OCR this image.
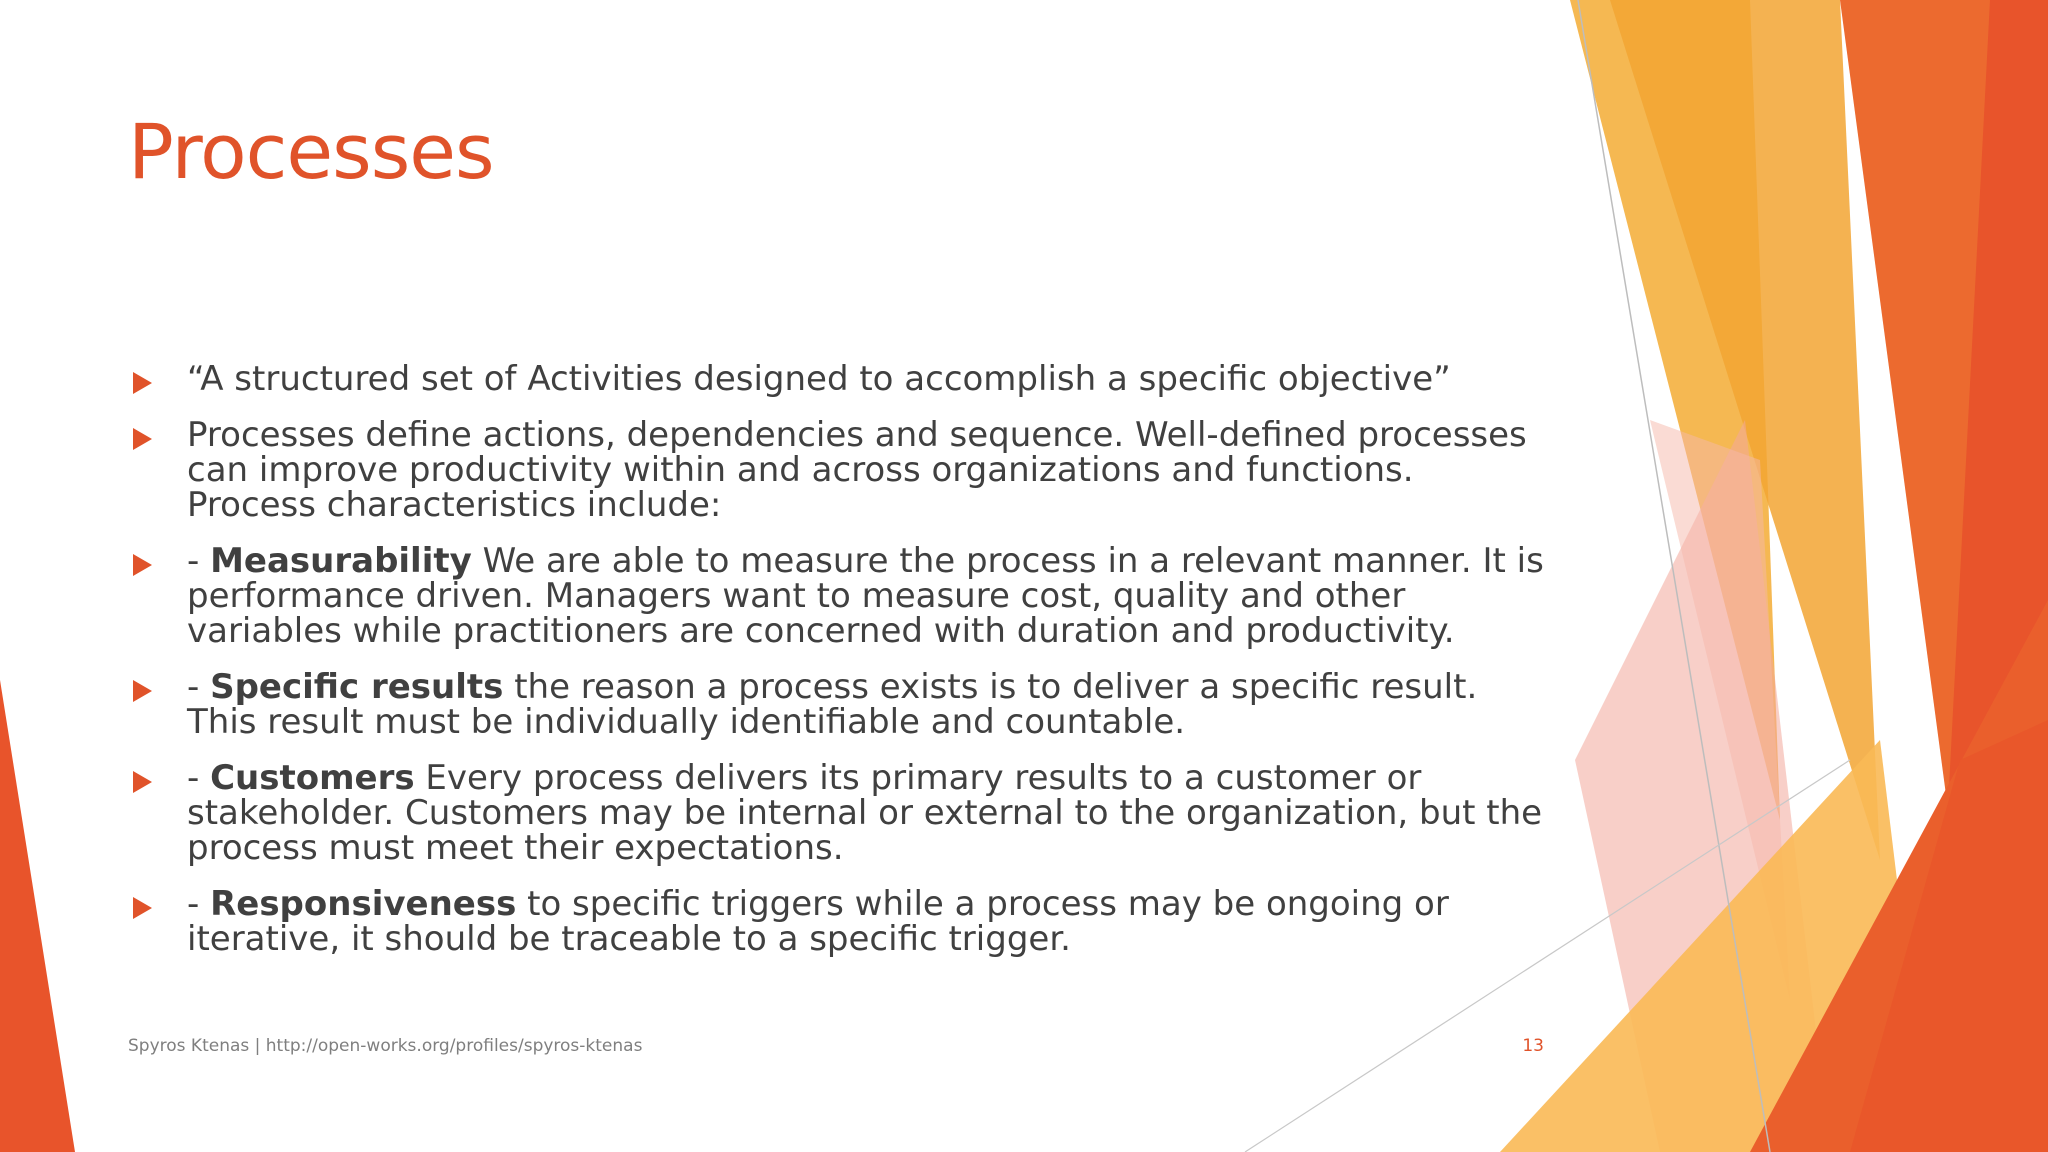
Processes
“A structured set of Activities designed to accomplish a specific objective”
Processes define actions, dependencies and sequence. Well-defined processes can improve productivity within and across organizations and functions. Process characteristics include:
- Measurability We are able to measure the process in a relevant manner. It is performance driven. Managers want to measure cost, quality and other variables while practitioners are concerned with duration and productivity.
- Specific results the reason a process exists is to deliver a specific result. This result must be individually identifiable and countable.
- Customers Every process delivers its primary results to a customer or stakeholder. Customers may be internal or external to the organization, but the process must meet their expectations.
- Responsiveness to specific triggers while a process may be ongoing or iterative, it should be traceable to a specific trigger.
Spyros Ktenas | http://open-works.org/profiles/spyros-ktenas	13
